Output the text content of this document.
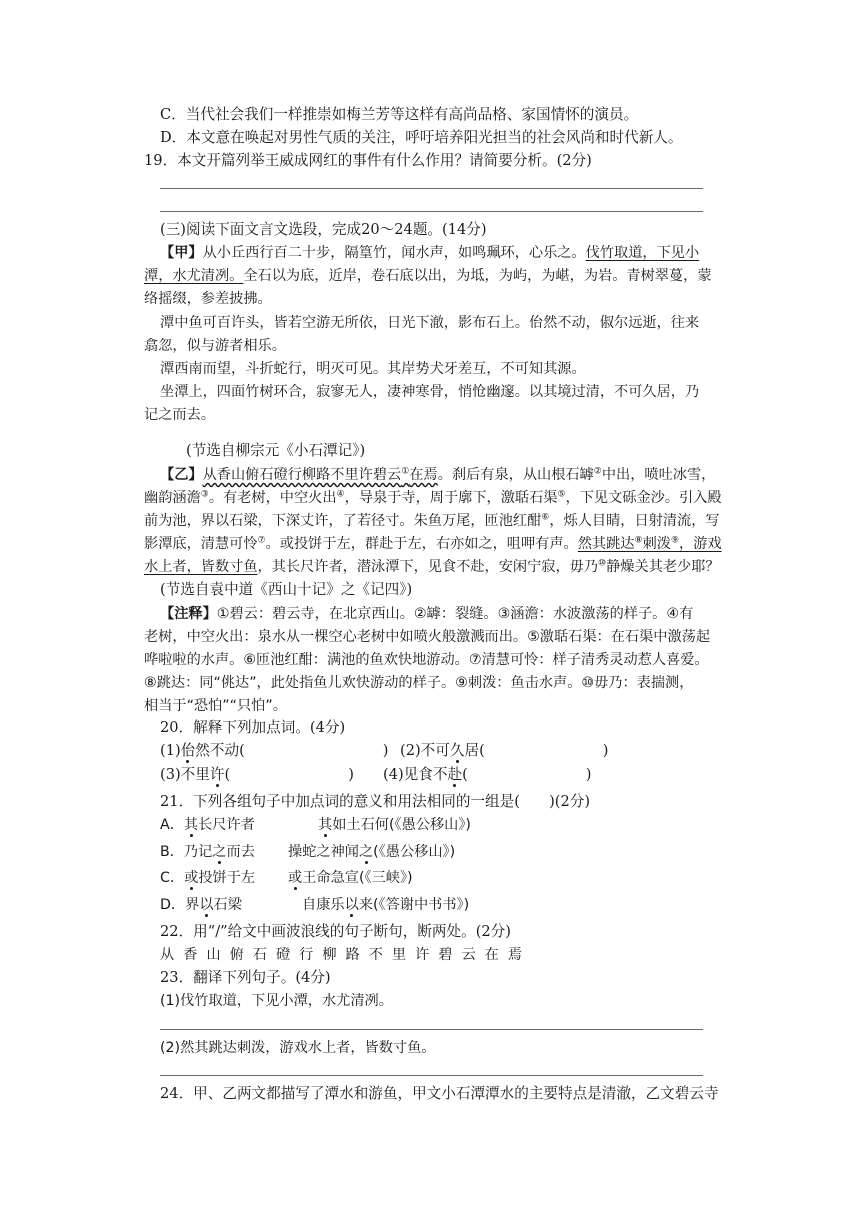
C．当代社会我们一样推崇如梅兰芳等这样有高尚品格、家国情怀的演员。
D．本文意在唤起对男性气质的关注，呼吁培养阳光担当的社会风尚和时代新人。
19．本文开篇列举王威成网红的事件有什么作用？请简要分析。(2分)
(三)阅读下面文言文选段，完成20～24题。(14分)
【甲】从小丘西行百二十步，隔篁竹，闻水声，如鸣珮环，心乐之。伐竹取道，下见小
潭，水尤清冽。全石以为底，近岸，卷石底以出，为坻，为屿，为嵁，为岩。青树翠蔓，蒙
络摇缀，参差披拂。
潭中鱼可百许头，皆若空游无所依，日光下澈，影布石上。佁然不动，俶尔远逝，往来
翕忽，似与游者相乐。
潭西南而望，斗折蛇行，明灭可见。其岸势犬牙差互，不可知其源。
坐潭上，四面竹树环合，寂寥无人，凄神寒骨，悄怆幽邃。以其境过清，不可久居，乃
记之而去。
(节选自柳宗元《小石潭记》)
【乙】从香山俯石磴行柳路不里许碧云①在焉。刹后有泉，从山根石罅②中出，喷吐冰雪，
幽韵涵澹③。有老树，中空火出④，导泉于寺，周于廓下，激聒石渠⑤，下见文砾金沙。引入殿
前为池，界以石梁，下深丈许，了若径寸。朱鱼万尾，匝池红酣⑥，烁人目睛，日射清流，写
影潭底，清慧可怜⑦。或投饼于左，群赴于左，右亦如之，咀呷有声。然其跳达⑧刺泼⑨，游戏
水上者，皆数寸鱼，其长尺许者，潜泳潭下，见食不赴，安闲宁寂，毋乃⑩静燥关其老少耶？
(节选自袁中道《西山十记》之《记四》)
【注释】①碧云：碧云寺，在北京西山。②罅：裂缝。③涵澹：水波激荡的样子。④有
老树，中空火出：泉水从一棵空心老树中如喷火般激溅而出。⑤激聒石渠：在石渠中激荡起
哗啦啦的水声。⑥匝池红酣：满池的鱼欢快地游动。⑦清慧可怜：样子清秀灵动惹人喜爱。
⑧跳达：同“佻达”，此处指鱼儿欢快游动的样子。⑨刺泼：鱼击水声。⑩毋乃：表揣测，
相当于“恐怕”“只怕”。
20．解释下列加点词。(4分)
(1)佁然不动(	) (2)不可久居(	)
(3)不里许(	) (4)见食不赴(	)
21．下列各组句子中加点词的意义和用法相同的一组是(　　)(2分)
A．其长尺许者	其如土石何(《愚公移山》)
B．乃记之而去 操蛇之神闻之(《愚公移山》)
C．或投饼于左 或王命急宣(《三峡》)
D．界以石梁	自康乐以来(《答谢中书书》)
22．用“/”给文中画波浪线的句子断句，断两处。(2分)
从香山俯石磴行柳路不里许碧云在焉
23．翻译下列句子。(4分)
(1)伐竹取道，下见小潭，水尤清冽。
(2)然其跳达刺泼，游戏水上者，皆数寸鱼。
24．甲、乙两文都描写了潭水和游鱼，甲文小石潭潭水的主要特点是清澈，乙文碧云寺
